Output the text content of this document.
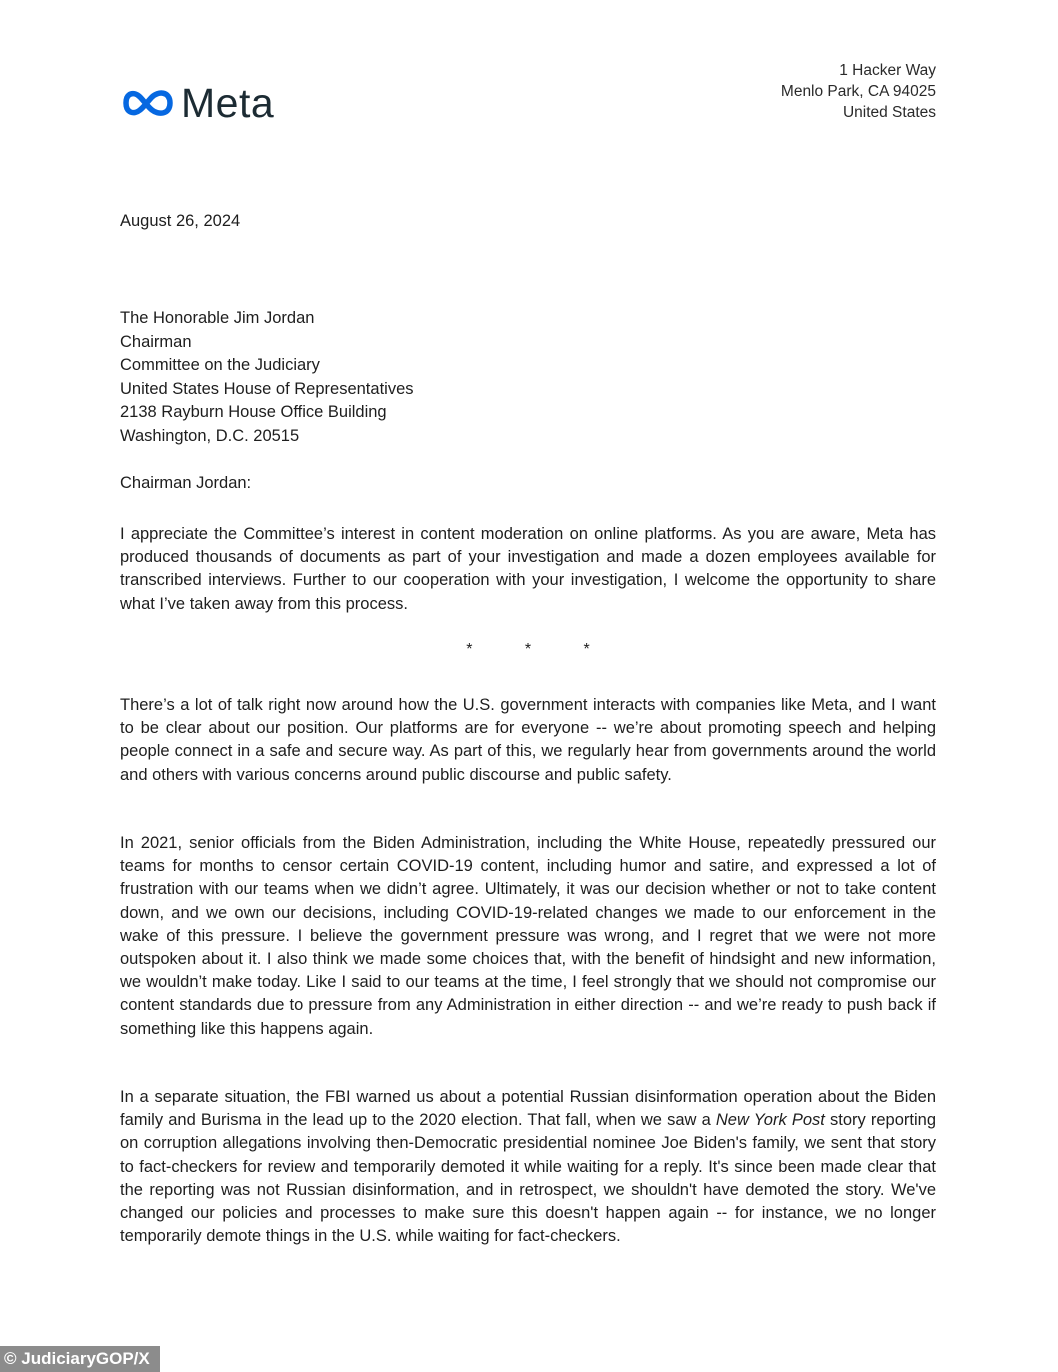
Meta
1 Hacker Way
Menlo Park, CA 94025
United States
August 26, 2024
The Honorable Jim Jordan
Chairman
Committee on the Judiciary
United States House of Representatives
2138 Rayburn House Office Building
Washington, D.C. 20515
Chairman Jordan:

I appreciate the Committee’s interest in content moderation on online platforms. As you are aware, Meta has produced thousands of documents as part of your investigation and made a dozen employees available for transcribed interviews. Further to our cooperation with your investigation, I welcome the opportunity to share what I’ve taken away from this process.

* * *

There’s a lot of talk right now around how the U.S. government interacts with companies like Meta, and I want to be clear about our position. Our platforms are for everyone -- we’re about promoting speech and helping people connect in a safe and secure way. As part of this, we regularly hear from governments around the world and others with various concerns around public discourse and public safety.

In 2021, senior officials from the Biden Administration, including the White House, repeatedly pressured our teams for months to censor certain COVID-19 content, including humor and satire, and expressed a lot of frustration with our teams when we didn’t agree. Ultimately, it was our decision whether or not to take content down, and we own our decisions, including COVID-19-related changes we made to our enforcement in the wake of this pressure. I believe the government pressure was wrong, and I regret that we were not more outspoken about it. I also think we made some choices that, with the benefit of hindsight and new information, we wouldn’t make today. Like I said to our teams at the time, I feel strongly that we should not compromise our content standards due to pressure from any Administration in either direction -- and we’re ready to push back if something like this happens again.

In a separate situation, the FBI warned us about a potential Russian disinformation operation about the Biden family and Burisma in the lead up to the 2020 election. That fall, when we saw a New York Post story reporting on corruption allegations involving then-Democratic presidential nominee Joe Biden's family, we sent that story to fact-checkers for review and temporarily demoted it while waiting for a reply. It's since been made clear that the reporting was not Russian disinformation, and in retrospect, we shouldn't have demoted the story. We've changed our policies and processes to make sure this doesn't happen again -- for instance, we no longer temporarily demote things in the U.S. while waiting for fact-checkers.

© JudiciaryGOP/X
